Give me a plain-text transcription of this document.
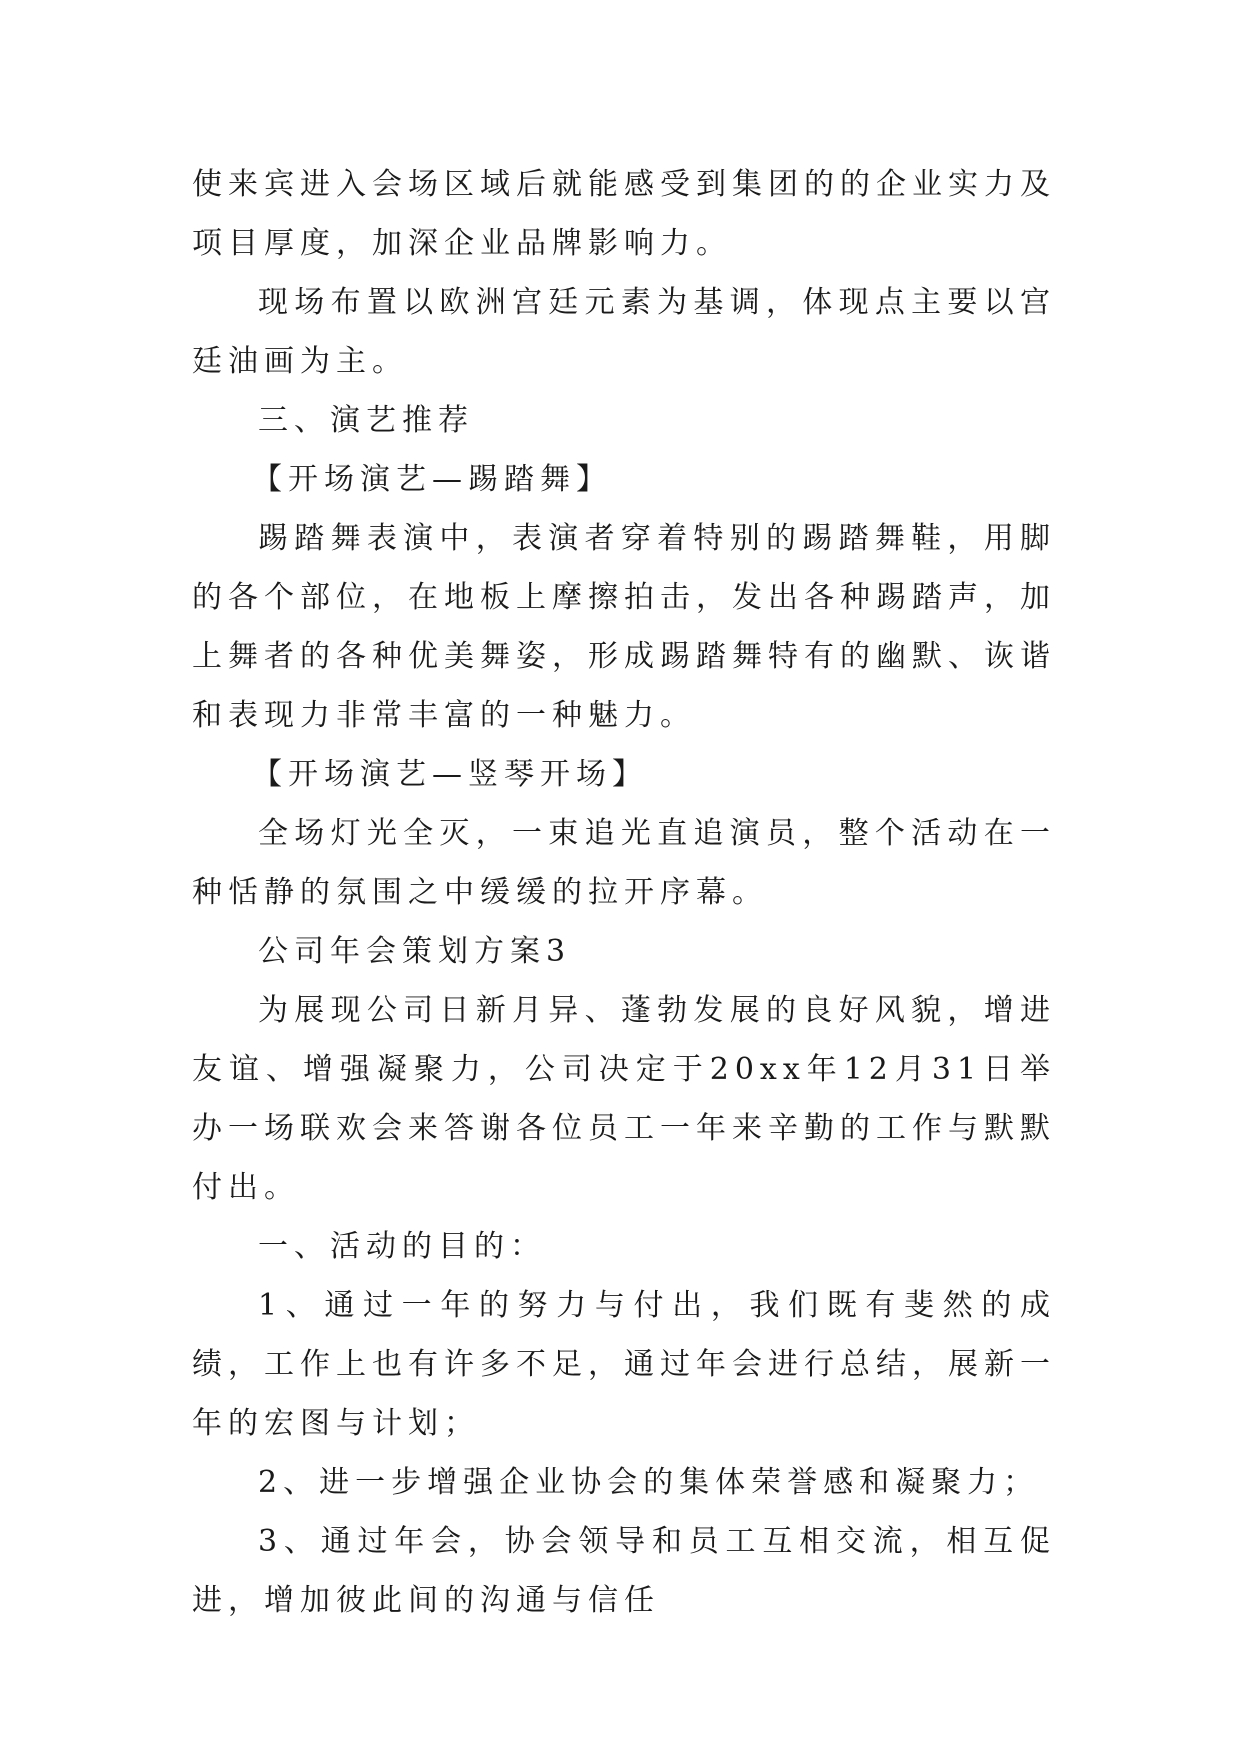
使来宾进入会场区域后就能感受到集团的的企业实力及项目厚度，加深企业品牌影响力。

现场布置以欧洲宫廷元素为基调，体现点主要以宫廷油画为主。

三、演艺推荐

【开场演艺—踢踏舞】

踢踏舞表演中，表演者穿着特别的踢踏舞鞋，用脚的各个部位，在地板上摩擦拍击，发出各种踢踏声，加上舞者的各种优美舞姿，形成踢踏舞特有的幽默、诙谐和表现力非常丰富的一种魅力。

【开场演艺—竖琴开场】

全场灯光全灭，一束追光直追演员，整个活动在一种恬静的氛围之中缓缓的拉开序幕。

公司年会策划方案3

为展现公司日新月异、蓬勃发展的良好风貌，增进友谊、增强凝聚力，公司决定于20xx年12月31日举办一场联欢会来答谢各位员工一年来辛勤的工作与默默付出。

一、活动的目的：

1、通过一年的努力与付出，我们既有斐然的成绩，工作上也有许多不足，通过年会进行总结，展新一年的宏图与计划；

2、进一步增强企业协会的集体荣誉感和凝聚力；

3、通过年会，协会领导和员工互相交流，相互促进，增加彼此间的沟通与信任
